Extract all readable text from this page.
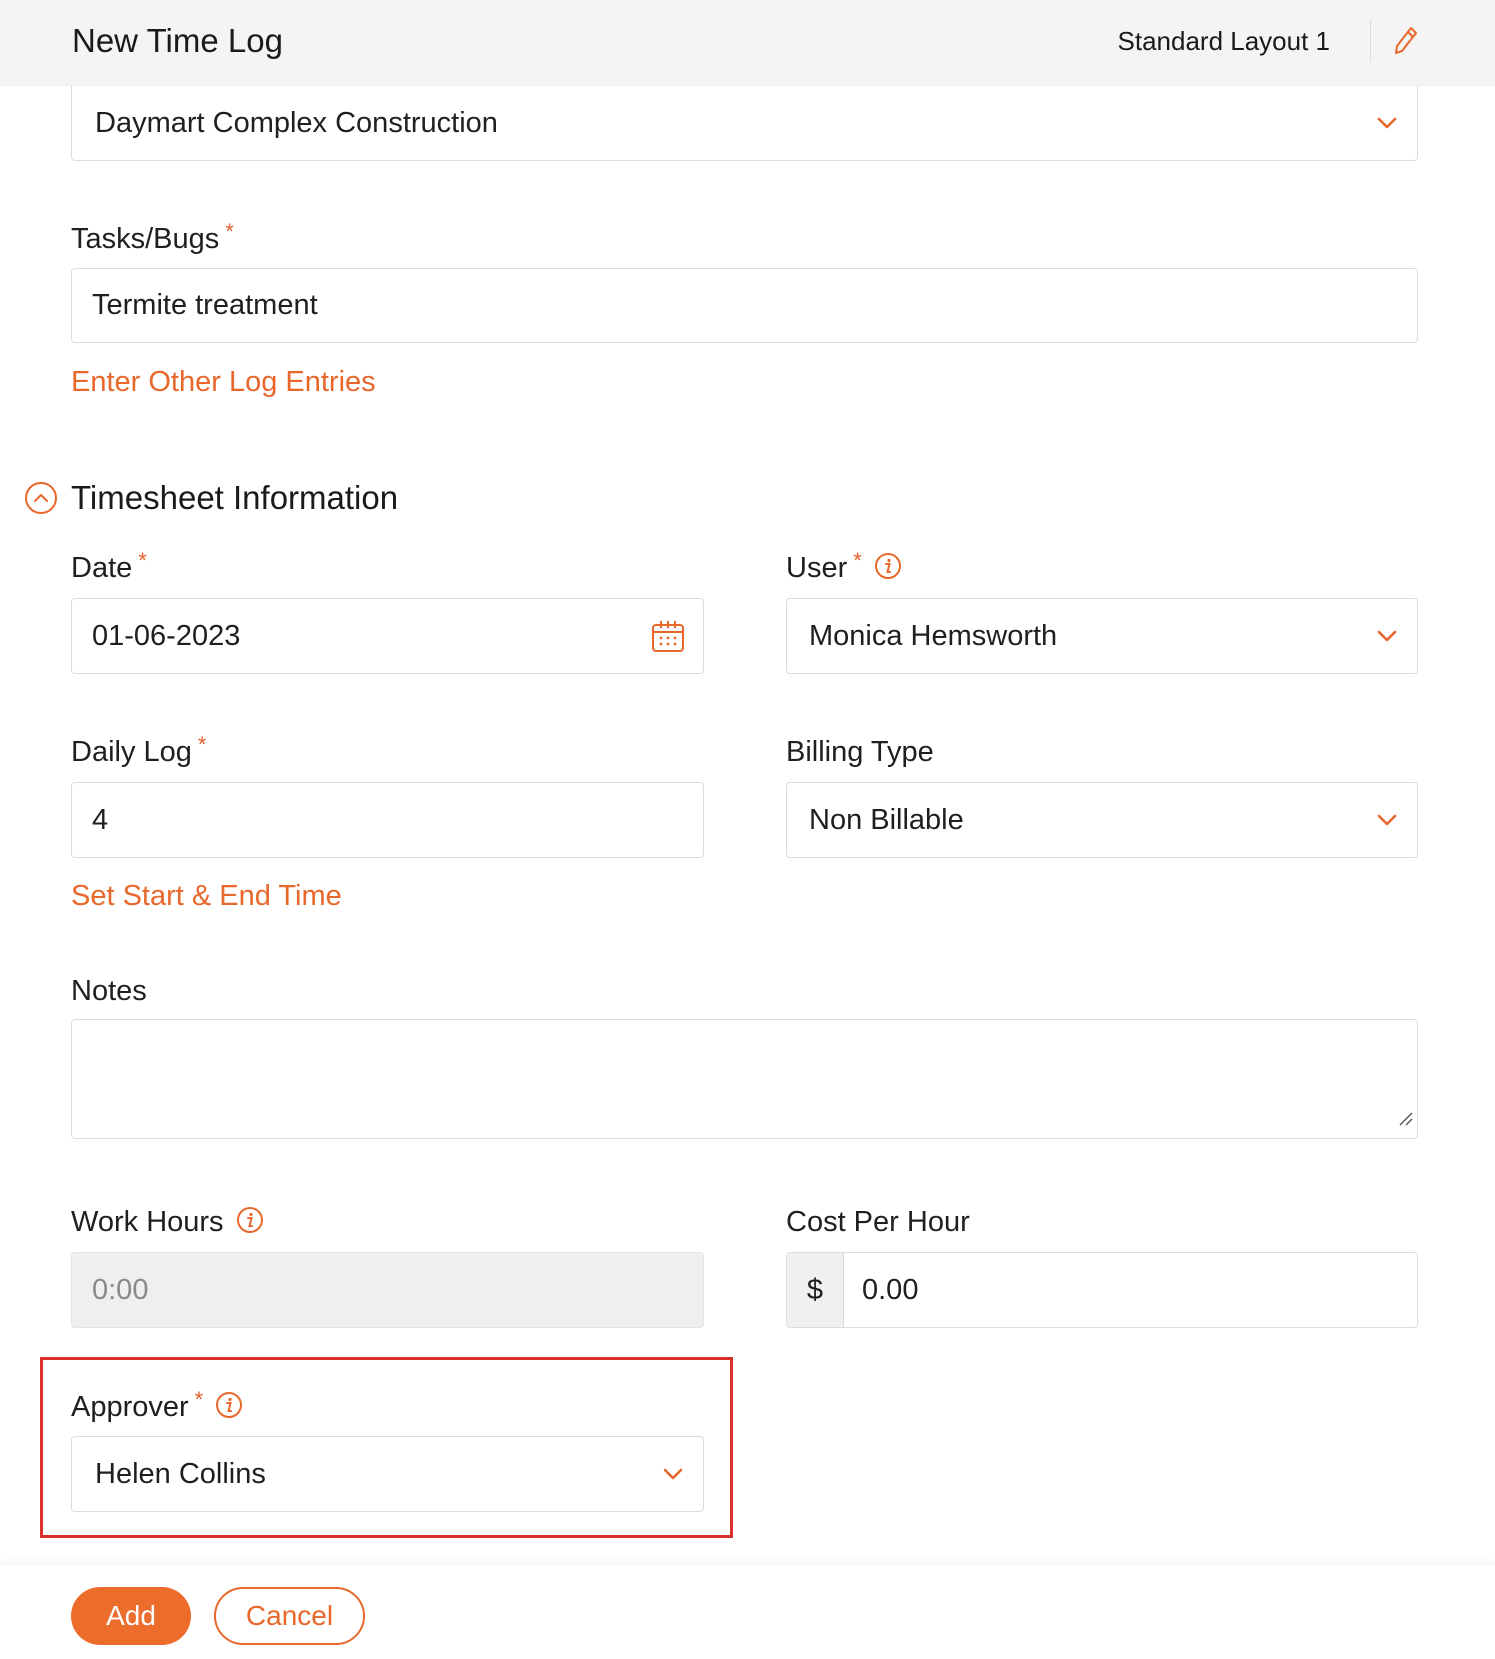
New Time Log	Standard Layout 1
Daymart Complex Construction
Tasks/Bugs *
Termite treatment
Enter Other Log Entries
Timesheet Information
Date *
01-06-2023
User *
Monica Hemsworth
Daily Log *
4
Billing Type
Non Billable
Set Start & End Time
Notes
Work Hours
0:00
Cost Per Hour
$	0.00
Approver *
Helen Collins
Add	Cancel
